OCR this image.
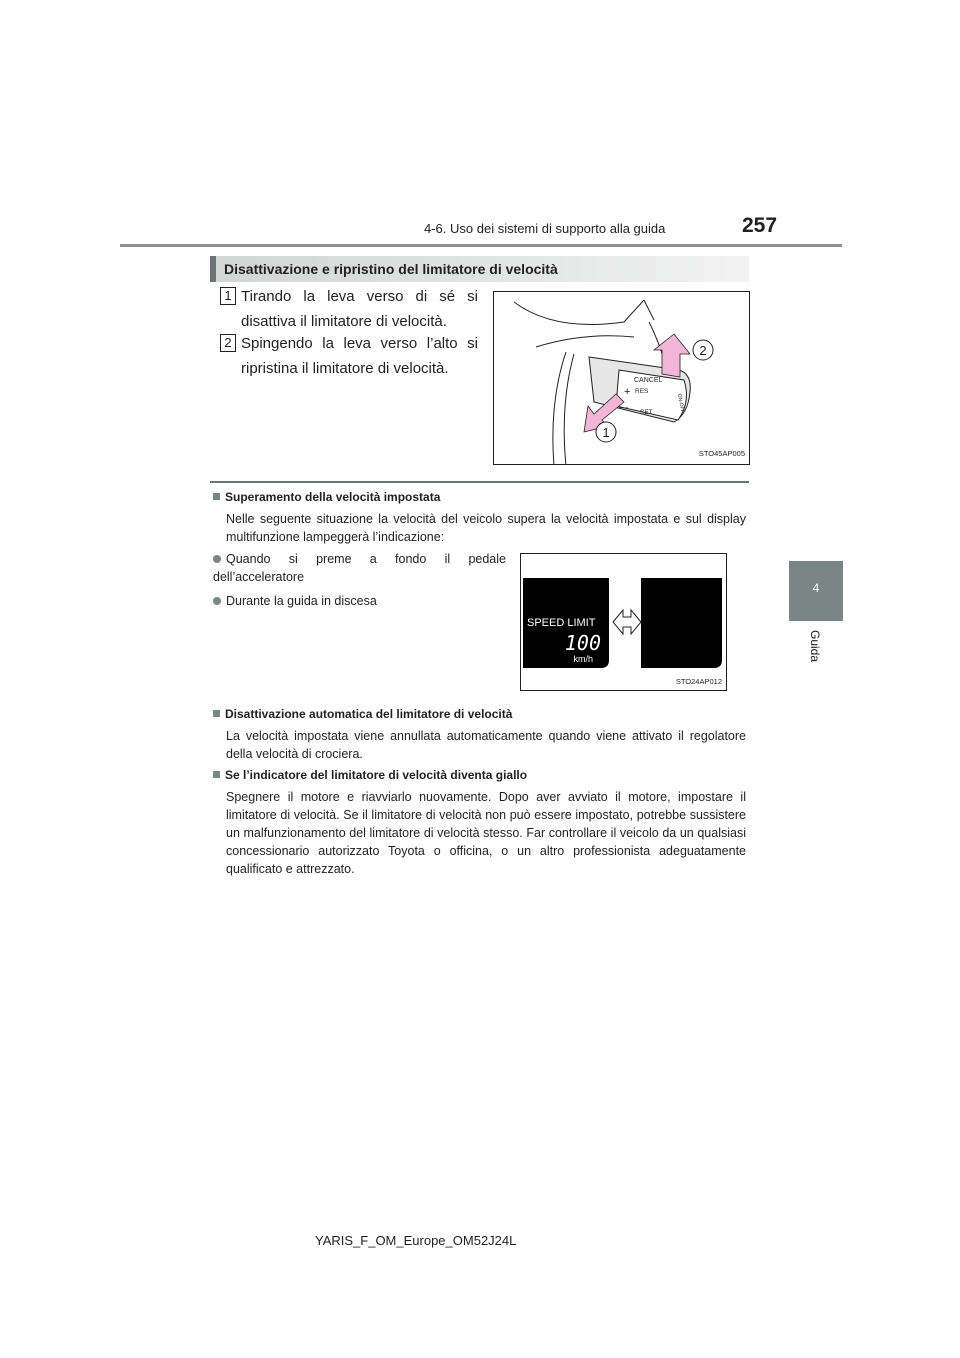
4-6. Uso dei sistemi di supporto alla guida	257
4
Guida
Disattivazione e ripristino del limitatore di velocità
1 Tirando la leva verso di sé si disattiva il limitatore di velocità.
2 Spingendo la leva verso l’alto si ripristina il limitatore di velocità.
CANCEL
+ RES
—
SET	ON-OFF
2
1
STO45AP005
Superamento della velocità impostata
Nelle seguente situazione la velocità del veicolo supera la velocità impostata e sul display multifunzione lampeggerà l’indicazione:
Quando si preme a fondo il pedale dell’acceleratore
Durante la guida in discesa
SPEED LIMIT
100
km/h
STO24AP012
Disattivazione automatica del limitatore di velocità
La velocità impostata viene annullata automaticamente quando viene attivato il regolatore della velocità di crociera.
Se l’indicatore del limitatore di velocità diventa giallo
Spegnere il motore e riavviarlo nuovamente. Dopo aver avviato il motore, impostare il limitatore di velocità. Se il limitatore di velocità non può essere impostato, potrebbe sussistere un malfunzionamento del limitatore di velocità stesso. Far controllare il veicolo da un qualsiasi concessionario autorizzato Toyota o officina, o un altro professionista adeguatamente qualificato e attrezzato.
YARIS_F_OM_Europe_OM52J24L
